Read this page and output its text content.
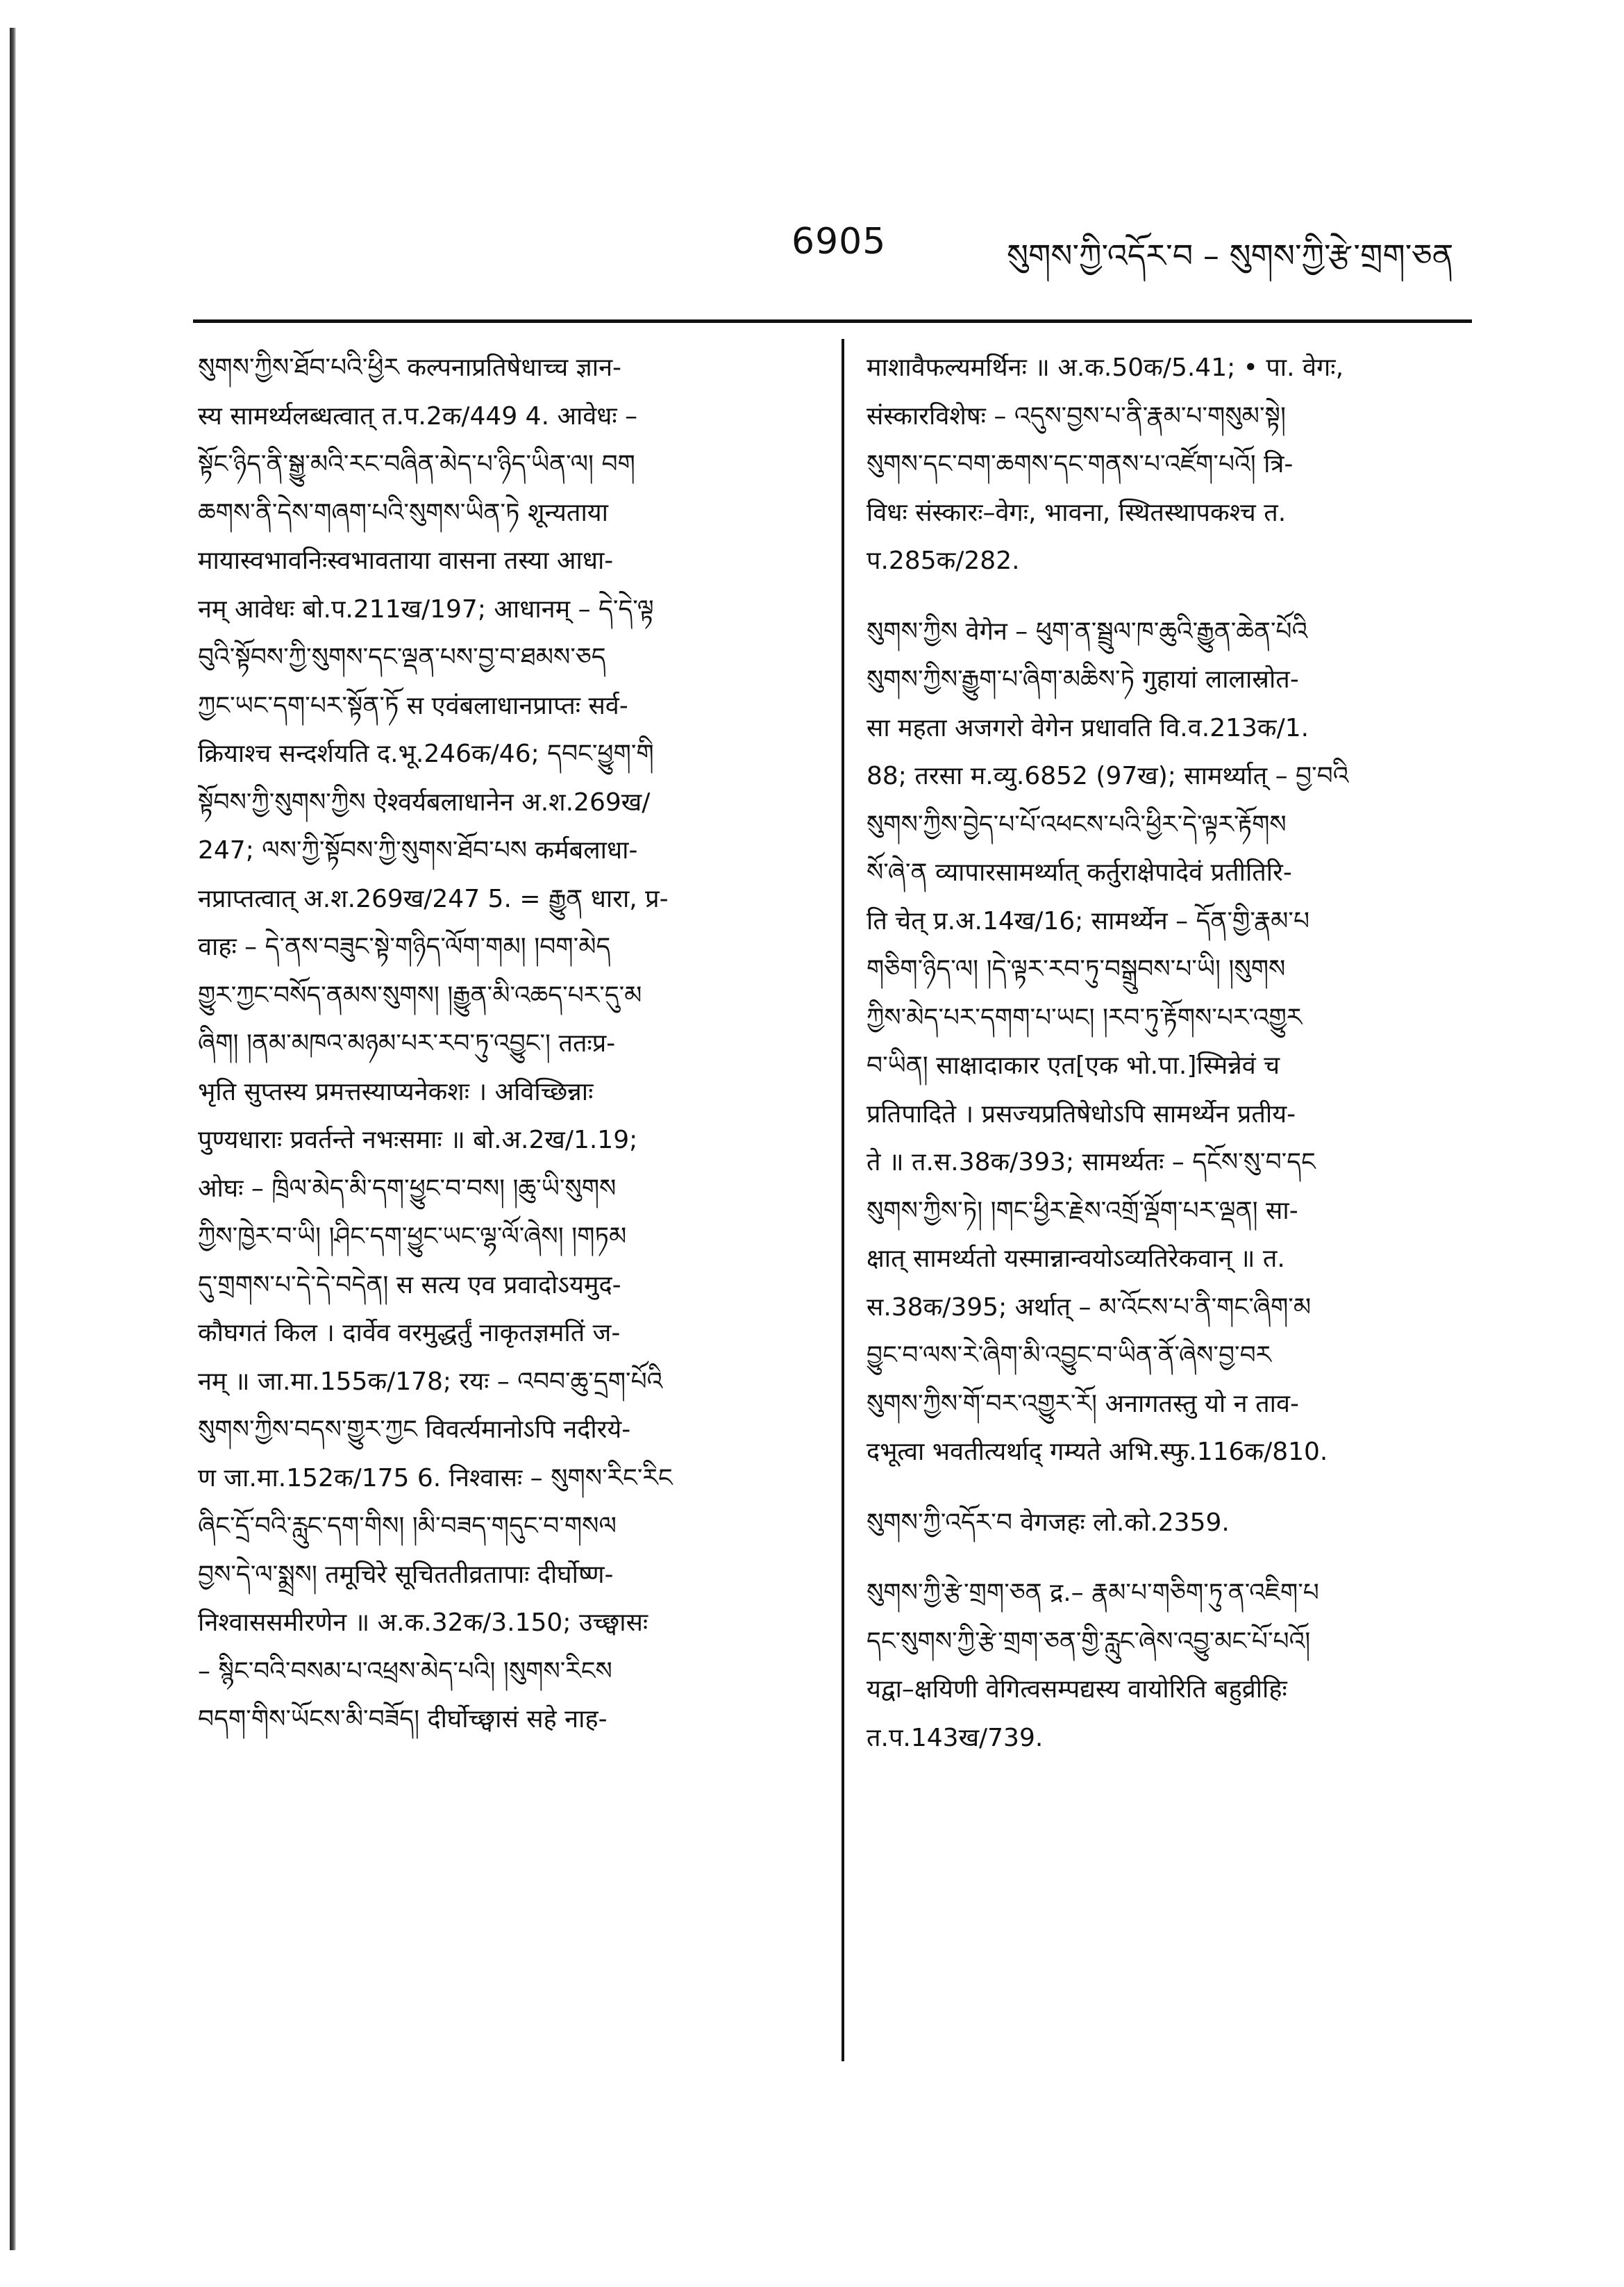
6905	སུགས་ཀྱི་འདོར་བ – སུགས་ཀྱི་རྩེ་གྲག་ཅན
སུགས་ཀྱིས་ཐོབ་པའི་ཕྱིར कल्पनाप्रतिषेधाच्च ज्ञान-
स्य सामर्थ्यलब्धत्वात् त.प.2क/449 4. आवेधः –
སྟོང་ཉིད་ནི་སྒྱུ་མའི་རང་བཞིན་མེད་པ་ཉིད་ཡིན་ལ། བག
ཆགས་ནི་དེས་གཞག་པའི་སུགས་ཡིན་ཏེ शून्यताया
मायास्वभावनिःस्वभावताया वासना तस्या आधा-
नम् आवेधः बो.प.211ख/197; आधानम् – དེ་དེ་ལྟ
བུའི་སྟོབས་ཀྱི་སུགས་དང་ལྡན་པས་བྱ་བ་ཐམས་ཅད
ཀྱང་ཡང་དག་པར་སྟོན་ཏོ स एवंबलाधानप्राप्तः सर्व-
क्रियाश्च सन्दर्शयति द.भू.246क/46; དབང་ཕྱུག་གི
སྟོབས་ཀྱི་སུགས་ཀྱིས ऐश्वर्यबलाधानेन अ.श.269ख/
247; ལས་ཀྱི་སྟོབས་ཀྱི་སུགས་ཐོབ་པས कर्मबलाधा-
नप्राप्तत्वात् अ.श.269ख/247 5. = རྒྱུན धारा, प्र-
वाहः – དེ་ནས་བཟུང་སྟེ་གཉིད་ལོག་གམ། །བག་མེད
གྱུར་ཀྱང་བསོད་ནམས་སུགས། །རྒྱུན་མི་འཆད་པར་དུ་མ
ཞིག། །ནམ་མཁའ་མཉམ་པར་རབ་ཏུ་འབྱུང་། ततःप्र-
भृति सुप्तस्य प्रमत्तस्याप्यनेकशः । अविच्छिन्नाः
पुण्यधाराः प्रवर्तन्ते नभःसमाः ॥ बो.अ.2ख/1.19;
ओघः – ཁྲིལ་མེད་མི་དག་ཕྱུང་བ་བས། །ཆུ་ཡི་སུགས
ཀྱིས་ཁྱེར་བ་ཡི། །ཤིང་དག་ཕྱུང་ཡང་ལྷ་ལོ་ཞེས། །གཏམ
དུ་གྲགས་པ་དེ་དེ་བདེན། स सत्य एव प्रवादोऽयमुद-
कौघगतं किल । दार्वेव वरमुद्धर्तुं नाकृतज्ञमतिं ज-
नम् ॥ जा.मा.155क/178; रयः – འབབ་ཆུ་དྲག་པོའི
སུགས་ཀྱིས་བདས་གྱུར་ཀྱང विवर्त्यमानोऽपि नदीरये-
ण जा.मा.152क/175 6. निश्वासः – སུགས་རིང་རིང
ཞིང་དྲོ་བའི་རླུང་དག་གིས། །མི་བཟད་གདུང་བ་གསལ
བྱས་དེ་ལ་སྨྲས། तमूचिरे सूचिततीव्रतापाः दीर्घोष्ण-
निश्वाससमीरणेन ॥ अ.क.32क/3.150; उच्छ्वासः
– སྙིང་བའི་བསམ་པ་འཕྲས་མེད་པའི། །སུགས་རིངས
བདག་གིས་ཡོངས་མི་བཟོད། दीर्घोच्छ्वासं सहे नाह-
माशावैफल्यमर्थिनः ॥ अ.क.50क/5.41; • पा. वेगः,
संस्कारविशेषः – འདུས་བྱས་པ་ནི་རྣམ་པ་གསུམ་སྟེ།
སུགས་དང་བག་ཆགས་དང་གནས་པ་འཛོག་པའོ། त्रि-
विधः संस्कारः–वेगः, भावना, स्थितस्थापकश्च त.
प.285क/282.
སུགས་ཀྱིས वेगेन – ཕུག་ན་སྦྲུལ་ཁ་ཆུའི་རྒྱུན་ཆེན་པོའི
སུགས་ཀྱིས་རྒྱུག་པ་ཞིག་མཆིས་ཏེ गुहायां लालास्रोत-
सा महता अजगरो वेगेन प्रधावति वि.व.213क/1.
88; तरसा म.व्यु.6852 (97ख); सामर्थ्यात् – བྱ་བའི
སུགས་ཀྱིས་བྱེད་པ་པོ་འཕངས་པའི་ཕྱིར་དེ་ལྟར་རྟོགས
སོ་ཞེ་ན व्यापारसामर्थ्यात् कर्तुराक्षेपादेवं प्रतीतिरि-
ति चेत् प्र.अ.14ख/16; सामर्थ्येन – དོན་གྱི་རྣམ་པ
གཅིག་ཉིད་ལ། །དེ་ལྟར་རབ་ཏུ་བསྒྲུབས་པ་ཡི། །སུགས
ཀྱིས་མེད་པར་དགག་པ་ཡང། །རབ་ཏུ་རྟོགས་པར་འགྱུར
བ་ཡིན། साक्षादाकार एत[एक भो.पा.]स्मिन्नेवं च
प्रतिपादिते । प्रसज्यप्रतिषेधोऽपि सामर्थ्येन प्रतीय-
ते ॥ त.स.38क/393; सामर्थ्यतः – དངོས་སུ་བ་དང
སུགས་ཀྱིས་ཏེ། །གང་ཕྱིར་རྗེས་འགྲོ་ལྡོག་པར་ལྡན། सा-
क्षात् सामर्थ्यतो यस्मान्नान्वयोऽव्यतिरेकवान् ॥ त.
स.38क/395; अर्थात् – མ་འོངས་པ་ནི་གང་ཞིག་མ
བྱུང་བ་ལས་རེ་ཞིག་མི་འབྱུང་བ་ཡིན་ནོ་ཞེས་བྱ་བར
སུགས་ཀྱིས་གོ་བར་འགྱུར་རོ། अनागतस्तु यो न ताव-
दभूत्वा भवतीत्यर्थाद् गम्यते अभि.स्फु.116क/810.
སུགས་ཀྱི་འདོར་བ वेगजहः लो.को.2359.
སུགས་ཀྱི་རྩེ་གྲག་ཅན द्र.– རྣམ་པ་གཅིག་ཏུ་ན་འཇིག་པ
དང་སུགས་ཀྱི་རྩེ་གྲག་ཅན་གྱི་རླུང་ཞེས་འབྱུ་མང་པོ་པའོ།
यद्वा–क्षयिणी वेगित्वसम्पद्यस्य वायोरिति बहुव्रीहिः
त.प.143ख/739.
